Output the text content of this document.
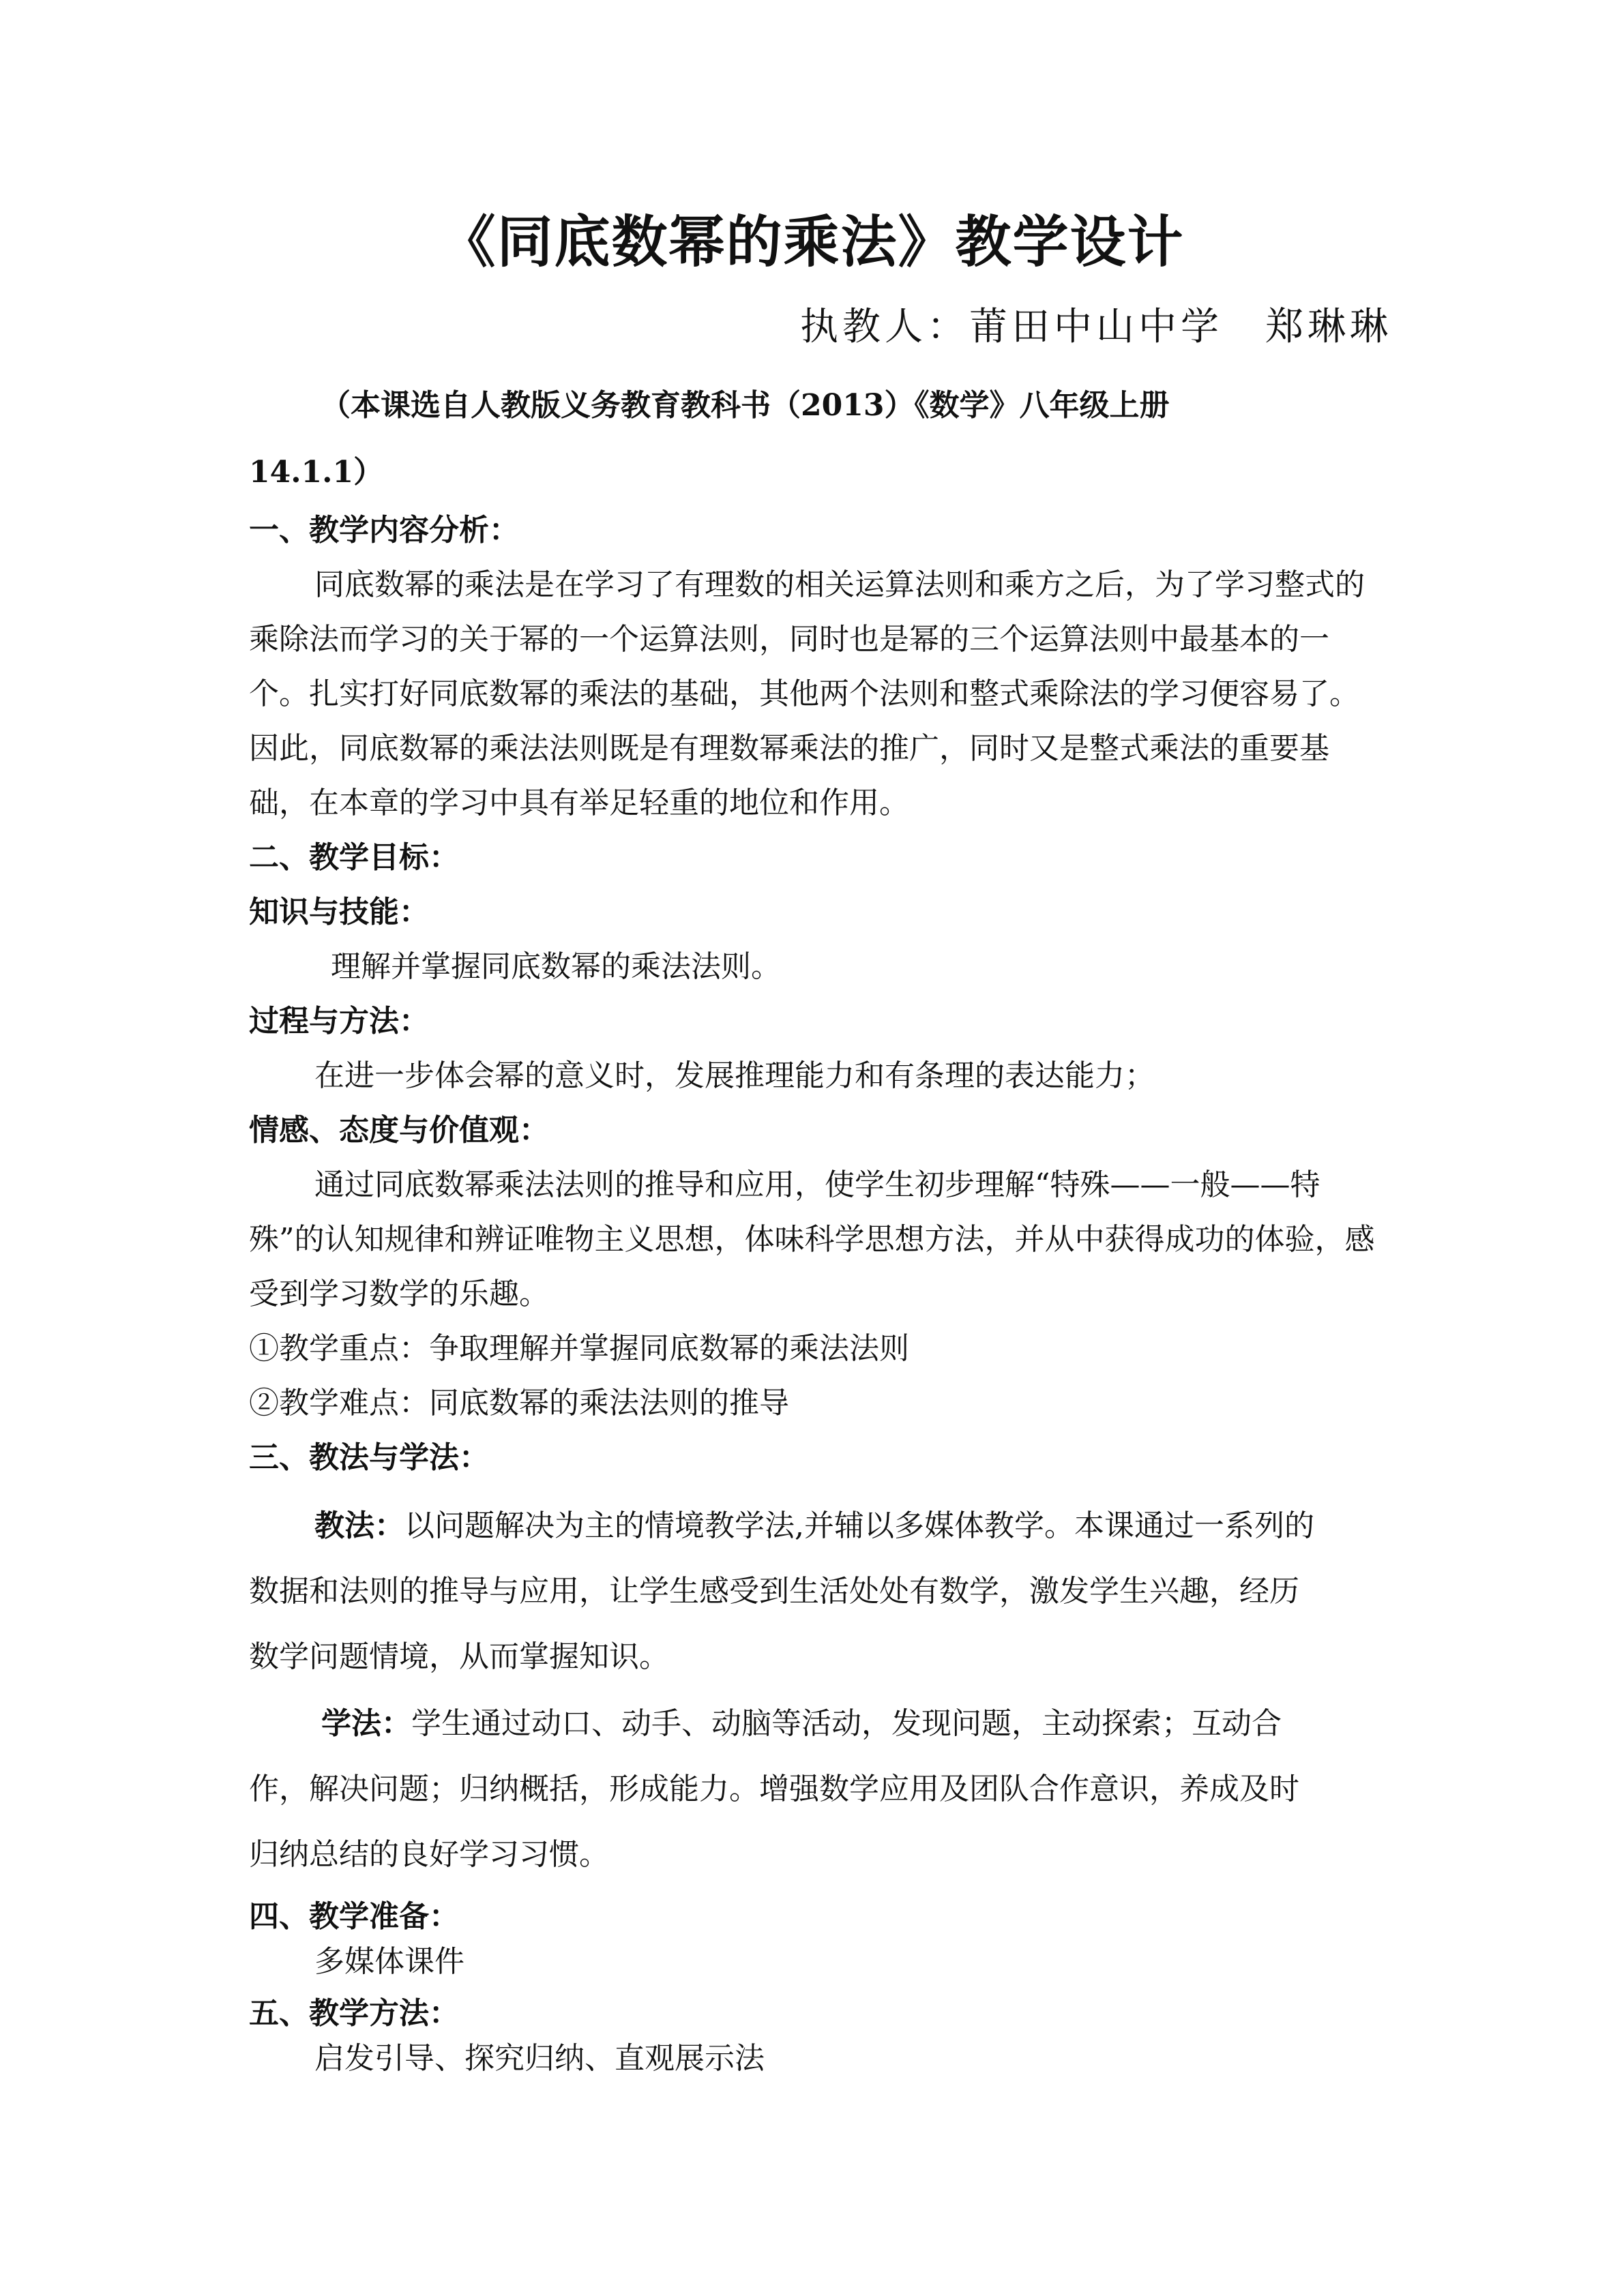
《同底数幂的乘法》教学设计
执教人：莆田中山中学　郑琳琳
（本课选自人教版义务教育教科书（2013）《数学》八年级上册
14.1.1）
一、教学内容分析：
同底数幂的乘法是在学习了有理数的相关运算法则和乘方之后，为了学习整式的乘除法而学习的关于幂的一个运算法则，同时也是幂的三个运算法则中最基本的一个。扎实打好同底数幂的乘法的基础，其他两个法则和整式乘除法的学习便容易了。因此，同底数幂的乘法法则既是有理数幂乘法的推广，同时又是整式乘法的重要基础，在本章的学习中具有举足轻重的地位和作用。
二、教学目标：
知识与技能：
理解并掌握同底数幂的乘法法则。
过程与方法：
在进一步体会幂的意义时，发展推理能力和有条理的表达能力；
情感、态度与价值观：
通过同底数幂乘法法则的推导和应用，使学生初步理解“特殊——一般——特殊”的认知规律和辨证唯物主义思想，体味科学思想方法，并从中获得成功的体验，感受到学习数学的乐趣。
①教学重点：争取理解并掌握同底数幂的乘法法则
②教学难点：同底数幂的乘法法则的推导
三、教法与学法：
教法：以问题解决为主的情境教学法,并辅以多媒体教学。本课通过一系列的数据和法则的推导与应用，让学生感受到生活处处有数学，激发学生兴趣，经历数学问题情境，从而掌握知识。
学法：学生通过动口、动手、动脑等活动，发现问题，主动探索；互动合作，解决问题；归纳概括，形成能力。增强数学应用及团队合作意识，养成及时归纳总结的良好学习习惯。
四、教学准备：
多媒体课件
五、教学方法：
启发引导、探究归纳、直观展示法
